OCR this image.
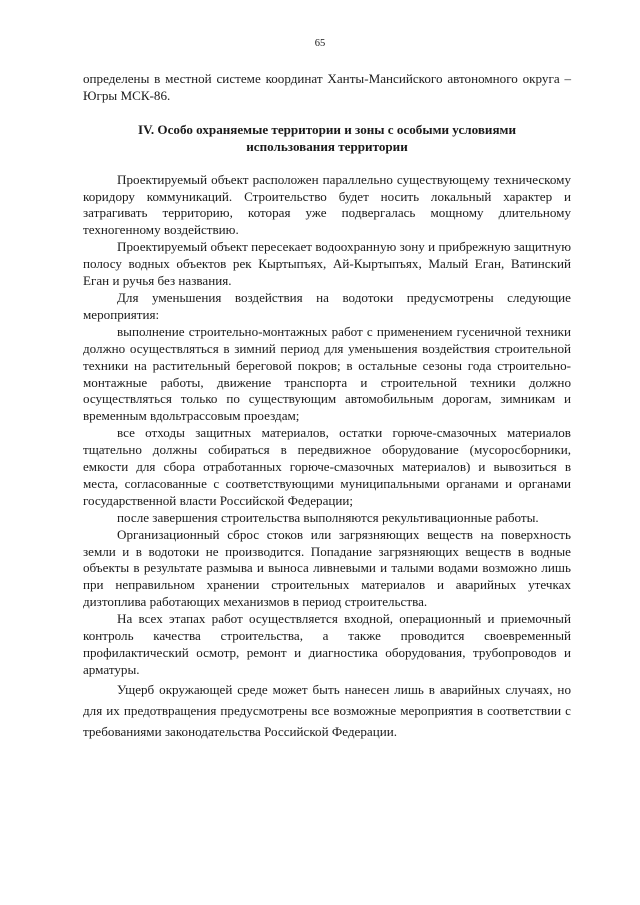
65

определены в местной системе координат Ханты-Мансийского автономного округа – Югры МСК-86.

IV. Особо охраняемые территории и зоны с особыми условиями
использования территории

Проектируемый объект расположен параллельно существующему техническому коридору коммуникаций. Строительство будет носить локальный характер и затрагивать территорию, которая уже подвергалась мощному длительному техногенному воздействию.

Проектируемый объект пересекает водоохранную зону и прибрежную защитную полосу водных объектов рек Кыртыпъях, Ай-Кыртыпъях, Малый Еган, Ватинский Еган и ручья без названия.

Для уменьшения воздействия на водотоки предусмотрены следующие мероприятия:

выполнение строительно-монтажных работ с применением гусеничной техники должно осуществляться в зимний период для уменьшения воздействия строительной техники на растительный береговой покров; в остальные сезоны года строительно-монтажные работы, движение транспорта и строительной техники должно осуществляться только по существующим автомобильным дорогам, зимникам и временным вдольтрассовым проездам;

все отходы защитных материалов, остатки горюче-смазочных материалов тщательно должны собираться в передвижное оборудование (мусоросборники, емкости для сбора отработанных горюче-смазочных материалов) и вывозиться в места, согласованные с соответствующими муниципальными органами и органами государственной власти Российской Федерации;

после завершения строительства выполняются рекультивационные работы.

Организационный сброс стоков или загрязняющих веществ на поверхность земли и в водотоки не производится. Попадание загрязняющих веществ в водные объекты в результате размыва и выноса ливневыми и талыми водами возможно лишь при неправильном хранении строительных материалов и аварийных утечках дизтоплива работающих механизмов в период строительства.

На всех этапах работ осуществляется входной, операционный и приемочный контроль качества строительства, а также проводится своевременный профилактический осмотр, ремонт и диагностика оборудования, трубопроводов и арматуры.

Ущерб окружающей среде может быть нанесен лишь в аварийных случаях, но для их предотвращения предусмотрены все возможные мероприятия в соответствии с требованиями законодательства Российской Федерации.
